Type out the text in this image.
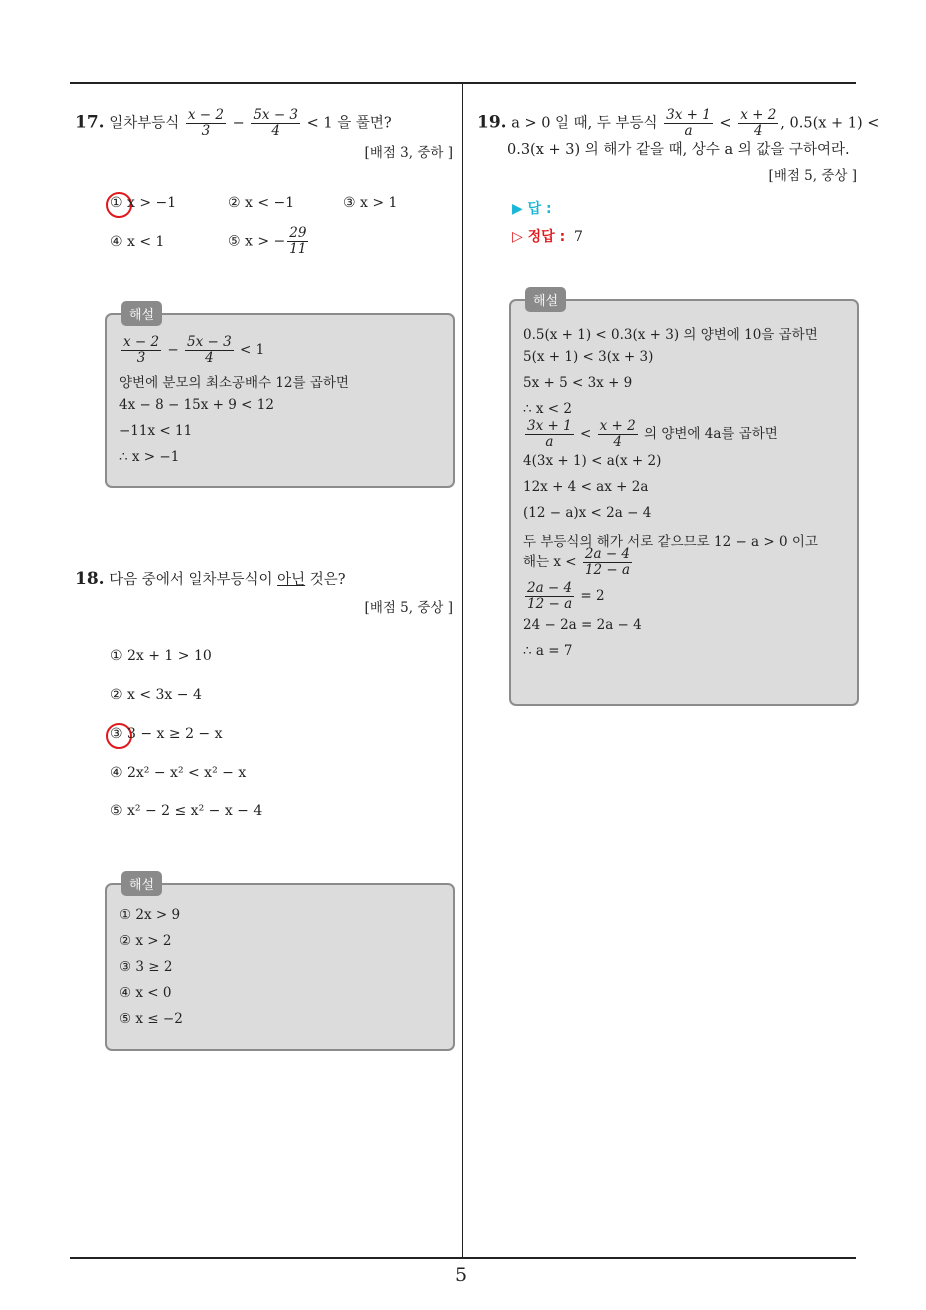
5
17. 일차부등식 $\frac{x - 2}{3} - \frac{5x - 3}{4} < 1$ 을 풀면?
[배점 3, 중하 ]
① x > −1	② x < −1	③ x > 1
④ x < 1	⑤ x > − $\frac{29}{11}$
해설
$\frac{x - 2}{3} - \frac{5x - 3}{4} < 1$
양변에 분모의 최소공배수 12를 곱하면
4x − 8 − 15x + 9 < 12
−11x < 11
∴ x > −1
18. 다음 중에서 일차부등식이 아닌 것은?
[배점 5, 중상 ]
① 2x + 1 > 10
② x < 3x − 4
③ 3 − x ≥ 2 − x
④ 2x² − x² < x² − x
⑤ x² − 2 ≤ x² − x − 4
해설
① 2x > 9
② x > 2
③ 3 ≥ 2
④ x < 0
⑤ x ≤ −2
19. a > 0 일 때, 두 부등식 $\frac{3x + 1}{a} < \frac{x + 2}{4}$ , 0.5(x + 1) <
0.3(x + 3) 의 해가 같을 때, 상수 a 의 값을 구하여라.
[배점 5, 중상 ]
▶ 답 :
▷ 정답 : 7
해설
0.5(x + 1) < 0.3(x + 3) 의 양변에 10을 곱하면
5(x + 1) < 3(x + 3)
5x + 5 < 3x + 9
∴ x < 2
$\frac{3x + 1}{a} < \frac{x + 2}{4}$ 의 양변에 4a를 곱하면
4(3x + 1) < a(x + 2)
12x + 4 < ax + 2a
(12 − a)x < 2a − 4
두 부등식의 해가 서로 같으므로 12 − a > 0 이고
해는 $x < \frac{2a - 4}{12 - a}$
$\frac{2a - 4}{12 - a} = 2$
24 − 2a = 2a − 4
∴ a = 7
